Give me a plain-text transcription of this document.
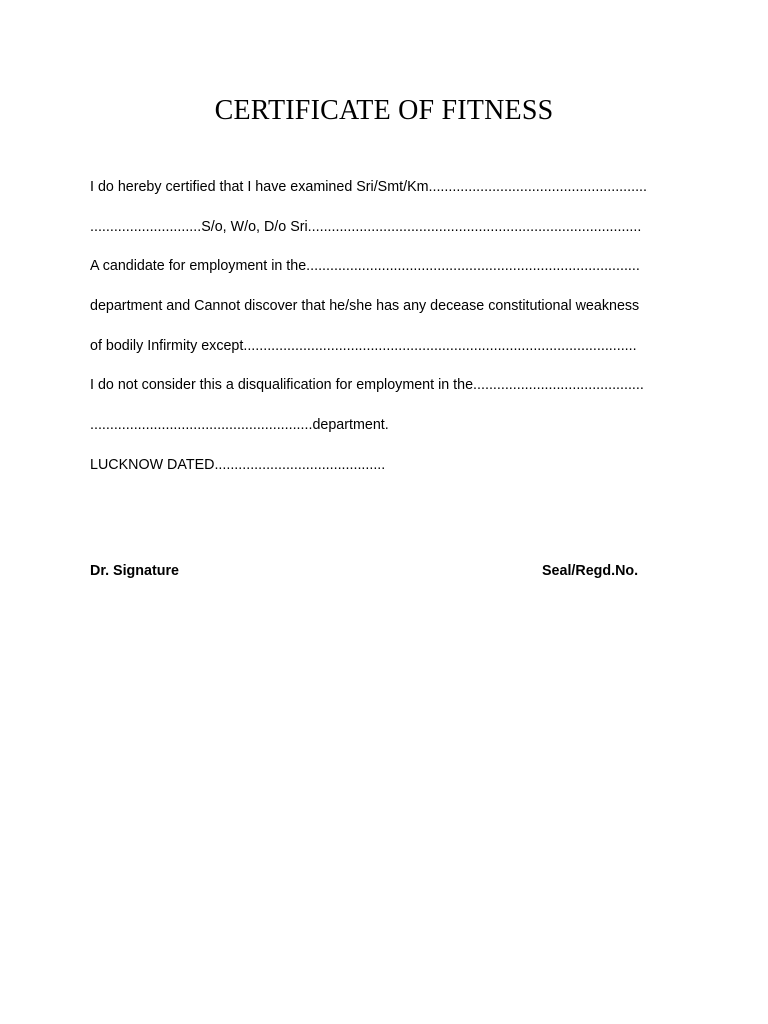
CERTIFICATE OF FITNESS
I do hereby certified that I have examined Sri/Smt/Km.......................................................
............................S/o, W/o, D/o Sri....................................................................................
A candidate for employment in the....................................................................................
department and Cannot discover that he/she has any decease constitutional weakness
of bodily Infirmity except...................................................................................................
I do not consider this a disqualification for employment in the...........................................
........................................................department.
LUCKNOW DATED...........................................
Dr. Signature	Seal/Regd.No.
